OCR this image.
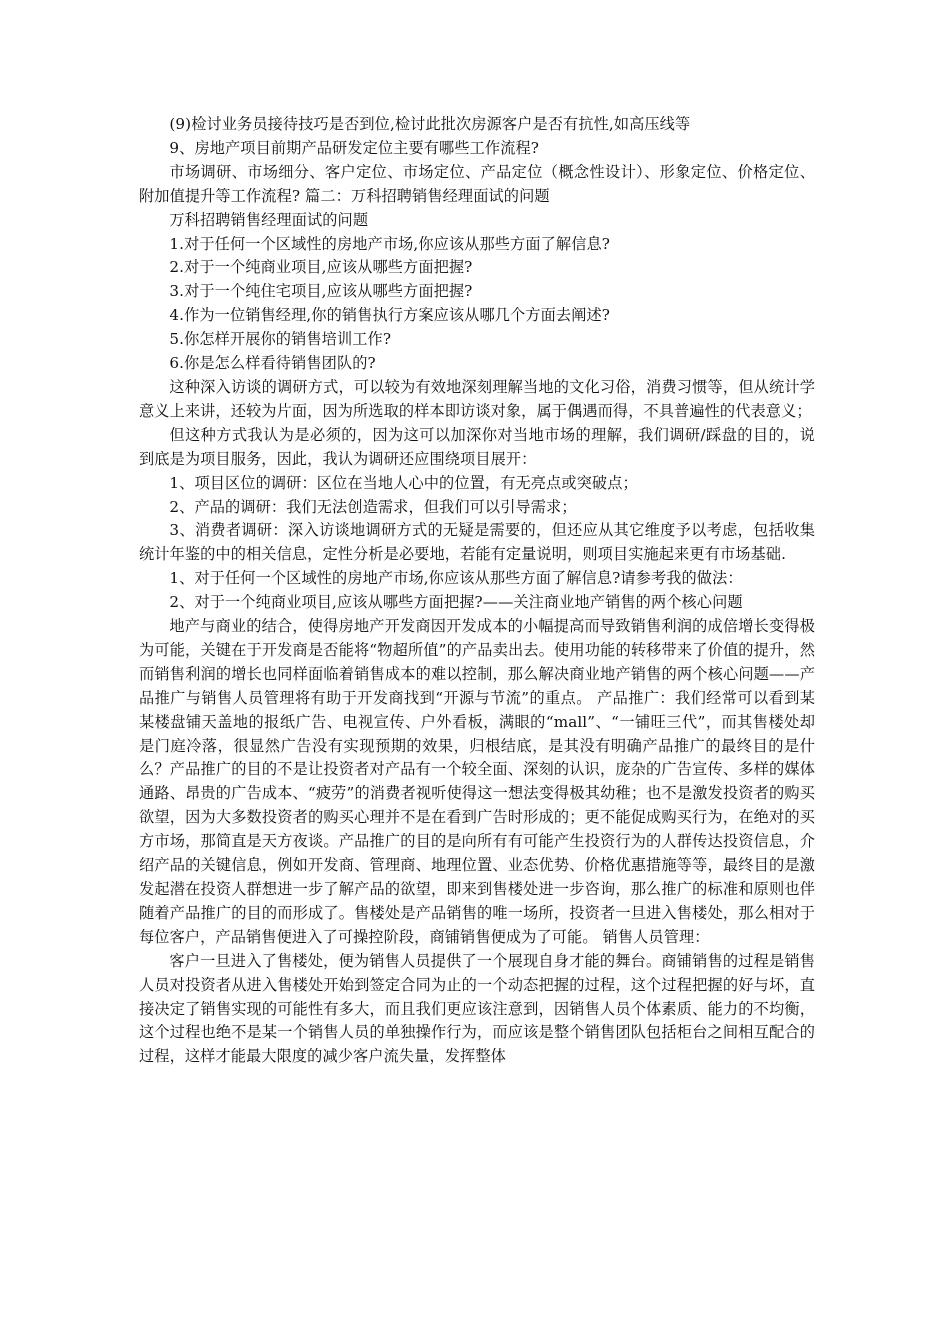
(9)检讨业务员接待技巧是否到位,检讨此批次房源客户是否有抗性,如高压线等

9、房地产项目前期产品研发定位主要有哪些工作流程?

市场调研、市场细分、客户定位、市场定位、产品定位（概念性设计）、形象定位、价格定位、附加值提升等工作流程? 篇二：万科招聘销售经理面试的问题

万科招聘销售经理面试的问题

1.对于任何一个区域性的房地产市场,你应该从那些方面了解信息?

2.对于一个纯商业项目,应该从哪些方面把握?

3.对于一个纯住宅项目,应该从哪些方面把握?

4.作为一位销售经理,你的销售执行方案应该从哪几个方面去阐述?

5.你怎样开展你的销售培训工作?

6.你是怎么样看待销售团队的?

这种深入访谈的调研方式，可以较为有效地深刻理解当地的文化习俗，消费习惯等，但从统计学意义上来讲，还较为片面，因为所选取的样本即访谈对象，属于偶遇而得，不具普遍性的代表意义；

但这种方式我认为是必须的，因为这可以加深你对当地市场的理解，我们调研/踩盘的目的，说到底是为项目服务，因此，我认为调研还应围绕项目展开：

1、项目区位的调研：区位在当地人心中的位置，有无亮点或突破点；

2、产品的调研：我们无法创造需求，但我们可以引导需求；

3、消费者调研：深入访谈地调研方式的无疑是需要的，但还应从其它维度予以考虑，包括收集统计年鉴的中的相关信息，定性分析是必要地，若能有定量说明，则项目实施起来更有市场基础.

1、对于任何一个区域性的房地产市场,你应该从那些方面了解信息?请参考我的做法：

2、对于一个纯商业项目,应该从哪些方面把握?——关注商业地产销售的两个核心问题

地产与商业的结合，使得房地产开发商因开发成本的小幅提高而导致销售利润的成倍增长变得极为可能，关键在于开发商是否能将“物超所值”的产品卖出去。使用功能的转移带来了价值的提升，然而销售利润的增长也同样面临着销售成本的难以控制，那么解决商业地产销售的两个核心问题——产品推广与销售人员管理将有助于开发商找到“开源与节流”的重点。 产品推广：我们经常可以看到某某楼盘铺天盖地的报纸广告、电视宣传、户外看板，满眼的“mall”、“一铺旺三代”，而其售楼处却是门庭冷落，很显然广告没有实现预期的效果，归根结底，是其没有明确产品推广的最终目的是什么？产品推广的目的不是让投资者对产品有一个较全面、深刻的认识，庞杂的广告宣传、多样的媒体通路、昂贵的广告成本、“疲劳”的消费者视听使得这一想法变得极其幼稚；也不是激发投资者的购买欲望，因为大多数投资者的购买心理并不是在看到广告时形成的；更不能促成购买行为，在绝对的买方市场，那简直是天方夜谈。产品推广的目的是向所有有可能产生投资行为的人群传达投资信息，介绍产品的关键信息，例如开发商、管理商、地理位置、业态优势、价格优惠措施等等，最终目的是激发起潜在投资人群想进一步了解产品的欲望，即来到售楼处进一步咨询，那么推广的标准和原则也伴随着产品推广的目的而形成了。售楼处是产品销售的唯一场所，投资者一旦进入售楼处，那么相对于每位客户，产品销售便进入了可操控阶段，商铺销售便成为了可能。 销售人员管理：

客户一旦进入了售楼处，便为销售人员提供了一个展现自身才能的舞台。商铺销售的过程是销售人员对投资者从进入售楼处开始到签定合同为止的一个动态把握的过程，这个过程把握的好与坏，直接决定了销售实现的可能性有多大，而且我们更应该注意到，因销售人员个体素质、能力的不均衡，这个过程也绝不是某一个销售人员的单独操作行为，而应该是整个销售团队包括柜台之间相互配合的过程，这样才能最大限度的减少客户流失量，发挥整体
